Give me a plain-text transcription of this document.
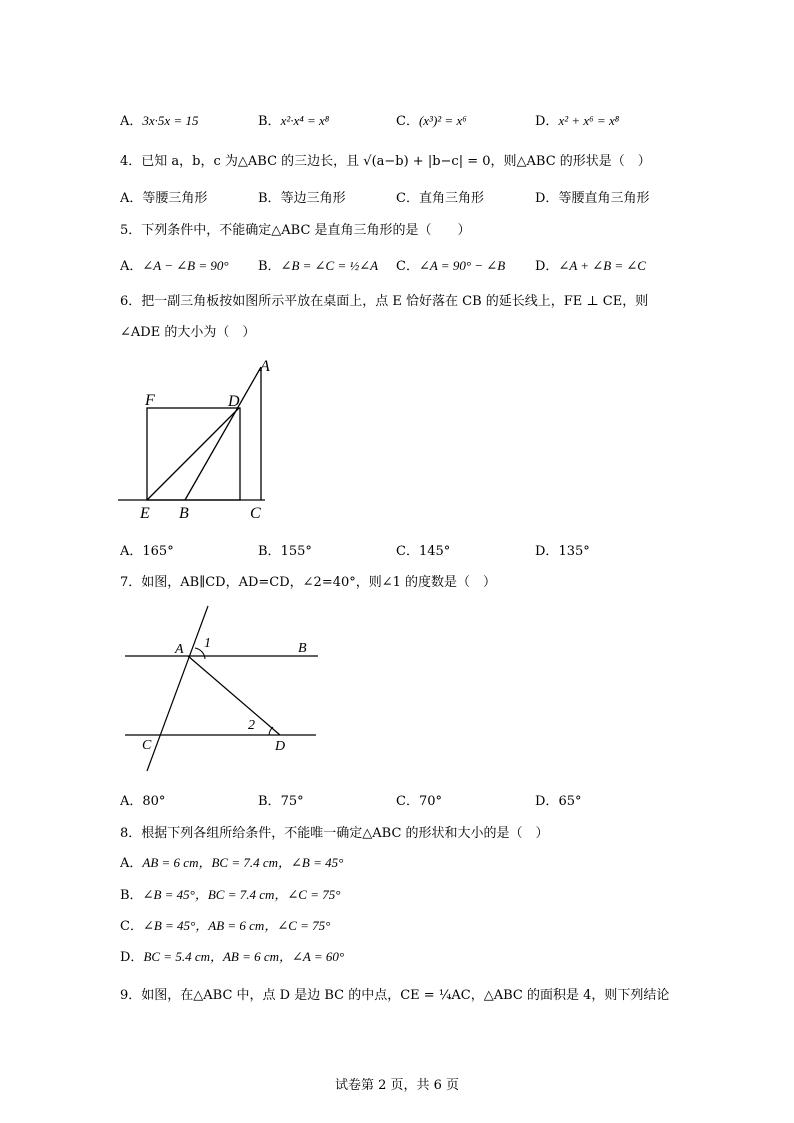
A．3x·5x = 15	B．x²·x⁴ = x⁸	C．(x³)² = x⁶	D．x² + x⁶ = x⁸
4．已知 a，b，c 为△ABC 的三边长，且 √(a−b) + |b−c| = 0，则△ABC 的形状是（　）
A．等腰三角形	B．等边三角形	C．直角三角形	D．等腰直角三角形
5．下列条件中，不能确定△ABC 是直角三角形的是（　　）
A．∠A − ∠B = 90° B．∠B = ∠C = ½∠A C．∠A = 90° − ∠B D．∠A + ∠B = ∠C
6．把一副三角板按如图所示平放在桌面上，点 E 恰好落在 CB 的延长线上，FE ⊥ CE，则
∠ADE 的大小为（　）
A
F	D
E B	C
A．165°	B．155°	C．145°	D．135°
7．如图，AB∥CD，AD=CD，∠2=40°，则∠1 的度数是（　）
A 1	B
C
2
D
A．80°	B．75°	C．70°	D．65°
8．根据下列各组所给条件，不能唯一确定△ABC 的形状和大小的是（　）
A．AB = 6 cm，BC = 7.4 cm，∠B = 45°
B．∠B = 45°，BC = 7.4 cm，∠C = 75°
C．∠B = 45°，AB = 6 cm，∠C = 75°
D．BC = 5.4 cm，AB = 6 cm，∠A = 60°
9．如图，在△ABC 中，点 D 是边 BC 的中点，CE = ¼AC，△ABC 的面积是 4，则下列结论
试卷第 2 页，共 6 页
